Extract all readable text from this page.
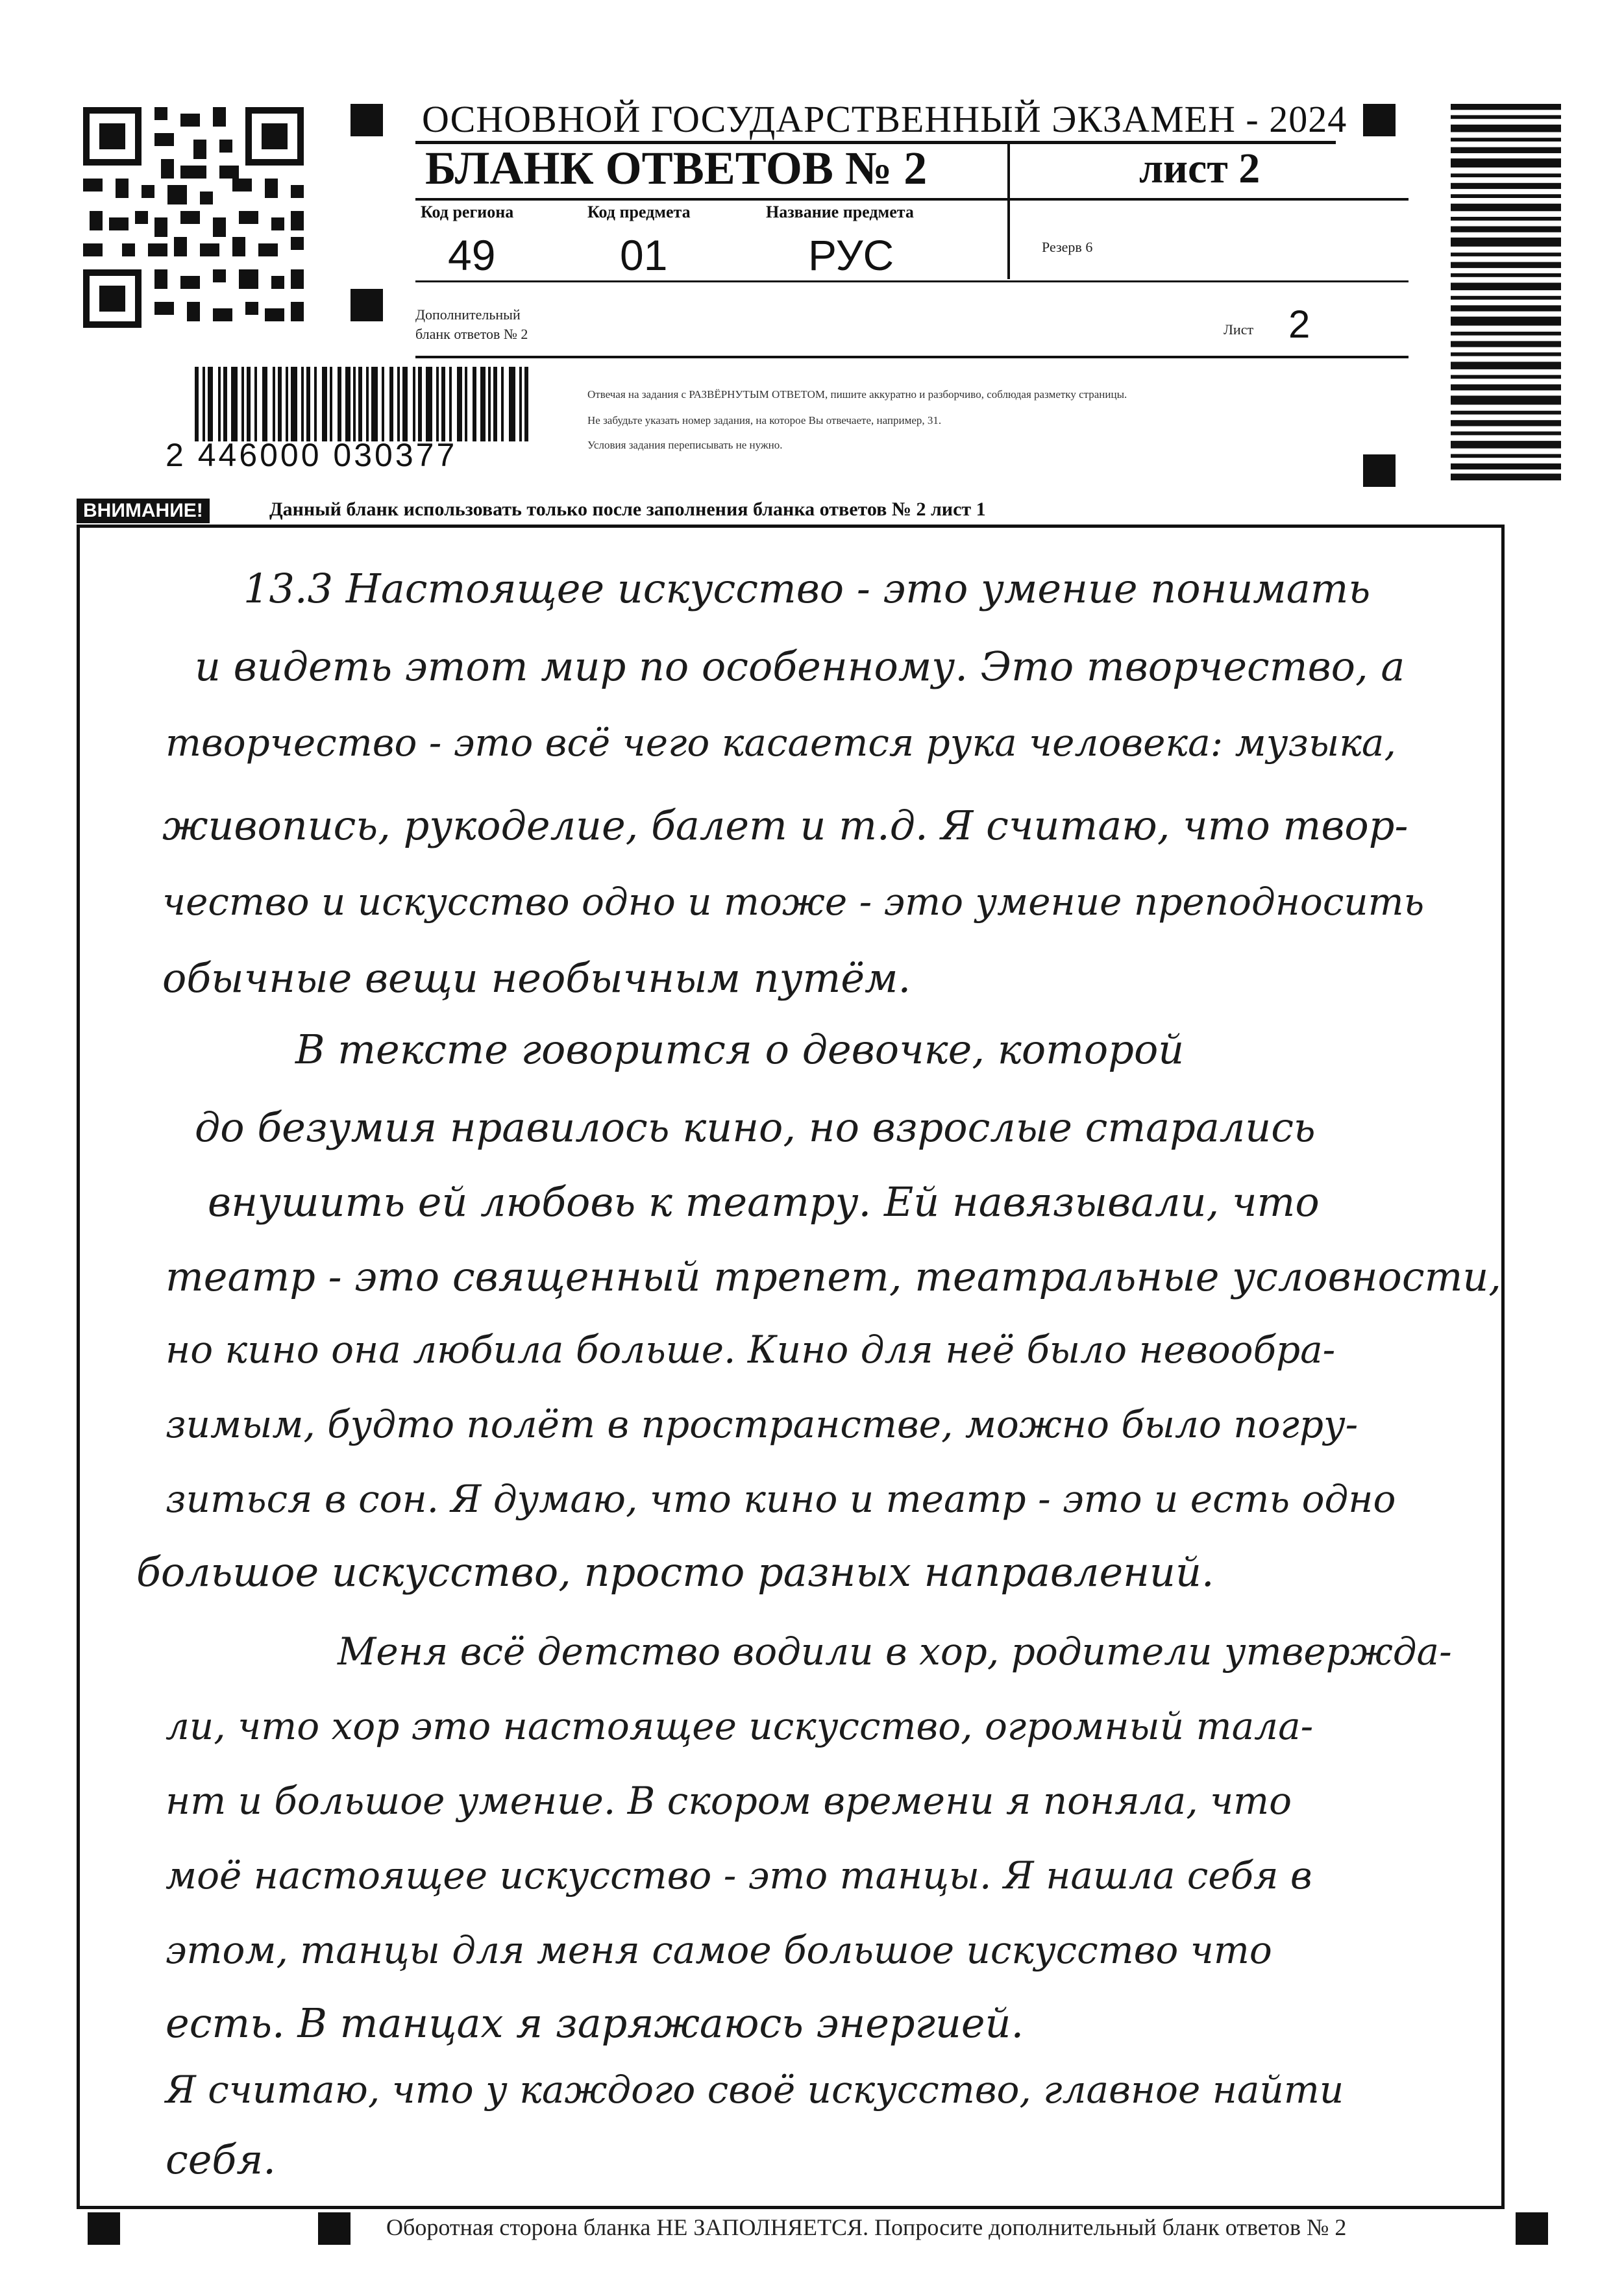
ОСНОВНОЙ ГОСУДАРСТВЕННЫЙ ЭКЗАМЕН - 2024
БЛАНК ОТВЕТОВ № 2	лист 2
Код региона
49
Код предмета
01
Название предмета
РУС	Резерв 6
Дополнительный
бланк ответов № 2	Лист 2
2 446000 030377
Отвечая на задания с РАЗВЁРНУТЫМ ОТВЕТОМ, пишите аккуратно и разборчиво, соблюдая разметку страницы.
Не забудьте указать номер задания, на которое Вы отвечаете, например, 31.
Условия задания переписывать не нужно.
ВНИМАНИЕ!	Данный бланк использовать только после заполнения бланка ответов № 2 лист 1
13.3 Настоящее искусство - это умение понимать
и видеть этот мир по особенному. Это творчество, а
творчество - это всё чего касается рука человека: музыка,
живопись, рукоделие, балет и т.д. Я считаю, что твор-
чество и искусство одно и тоже - это умение преподносить
обычные вещи необычным путём.
В тексте говорится о девочке, которой
до безумия нравилось кино, но взрослые старались
внушить ей любовь к театру. Ей навязывали, что
театр - это священный трепет, театральные условности,
но кино она любила больше. Кино для неё было невообра-
зимым, будто полёт в пространстве, можно было погру-
зиться в сон. Я думаю, что кино и театр - это и есть одно
большое искусство, просто разных направлений.
Меня всё детство водили в хор, родители утвержда-
ли, что хор это настоящее искусство, огромный тала-
нт и большое умение. В скором времени я поняла, что
моё настоящее искусство - это танцы. Я нашла себя в
этом, танцы для меня самое большое искусство что
есть. В танцах я заряжаюсь энергией.
Я считаю, что у каждого своё искусство, главное найти
себя.
Оборотная сторона бланка НЕ ЗАПОЛНЯЕТСЯ. Попросите дополнительный бланк ответов № 2
